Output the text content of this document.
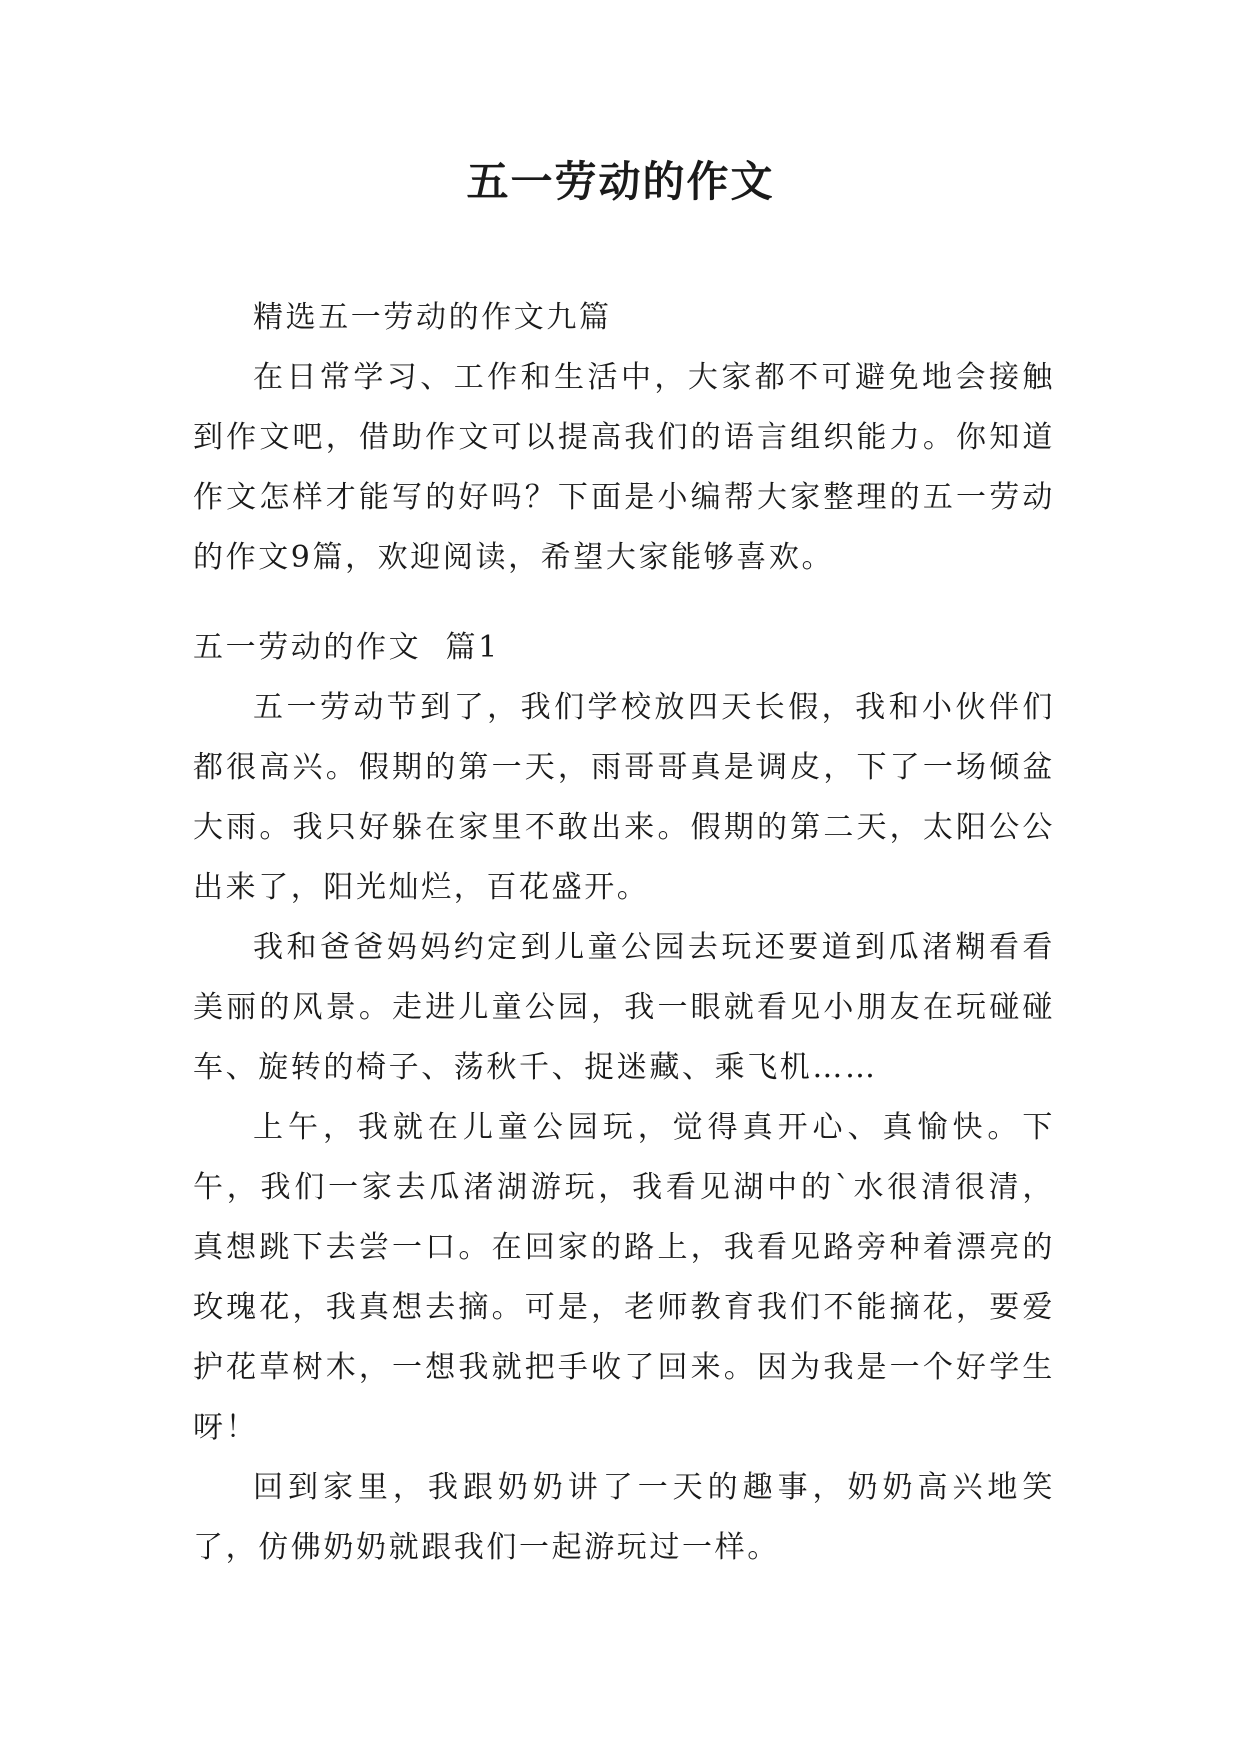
五一劳动的作文

精选五一劳动的作文九篇

在日常学习、工作和生活中，大家都不可避免地会接触到作文吧，借助作文可以提高我们的语言组织能力。你知道作文怎样才能写的好吗？下面是小编帮大家整理的五一劳动的作文9篇，欢迎阅读，希望大家能够喜欢。

五一劳动的作文  篇1

五一劳动节到了，我们学校放四天长假，我和小伙伴们都很高兴。假期的第一天，雨哥哥真是调皮，下了一场倾盆大雨。我只好躲在家里不敢出来。假期的第二天，太阳公公出来了，阳光灿烂，百花盛开。

我和爸爸妈妈约定到儿童公园去玩还要道到瓜渚糊看看美丽的风景。走进儿童公园，我一眼就看见小朋友在玩碰碰车、旋转的椅子、荡秋千、捉迷藏、乘飞机……

上午，我就在儿童公园玩，觉得真开心、真愉快。下午，我们一家去瓜渚湖游玩，我看见湖中的`水很清很清，真想跳下去尝一口。在回家的路上，我看见路旁种着漂亮的玫瑰花，我真想去摘。可是，老师教育我们不能摘花，要爱护花草树木，一想我就把手收了回来。因为我是一个好学生呀！

回到家里，我跟奶奶讲了一天的趣事，奶奶高兴地笑了，仿佛奶奶就跟我们一起游玩过一样。
